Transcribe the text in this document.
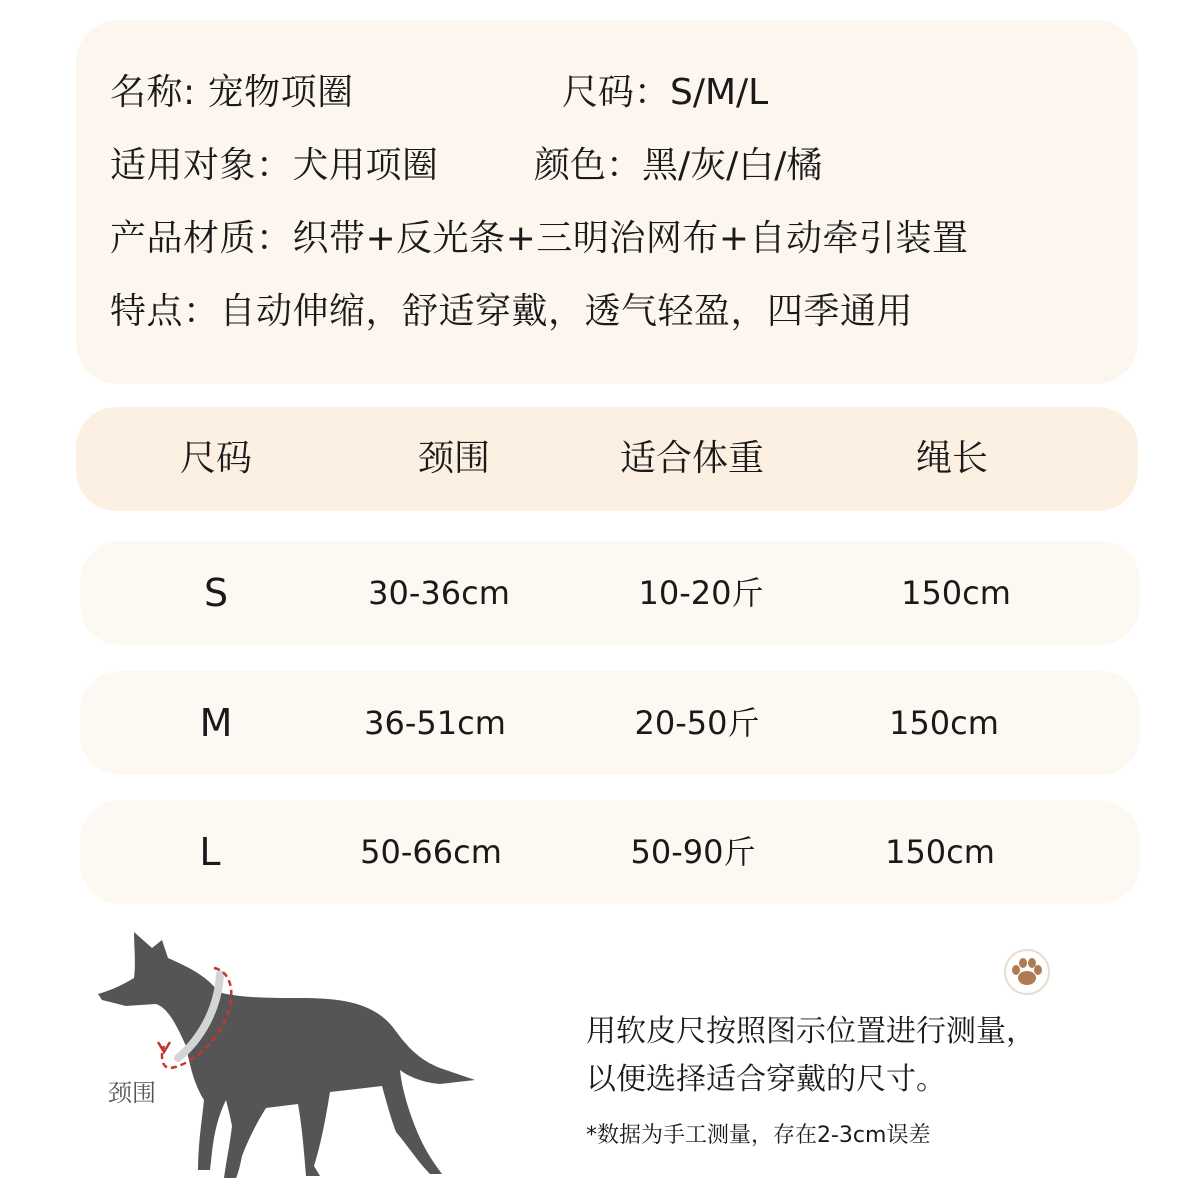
名称: 宠物项圈	尺码：S/M/L
适用对象：犬用项圈	颜色：黑/灰/白/橘
产品材质：织带+反光条+三明治网布+自动牵引装置
特点：自动伸缩，舒适穿戴，透气轻盈，四季通用
尺码	颈围	适合体重	绳长
S	30-36cm	10-20斤	150cm
M	36-51cm	20-50斤	150cm
L	50-66cm	50-90斤	150cm
颈围
用软皮尺按照图示位置进行测量，
以便选择适合穿戴的尺寸。
*数据为手工测量，存在2-3cm误差
